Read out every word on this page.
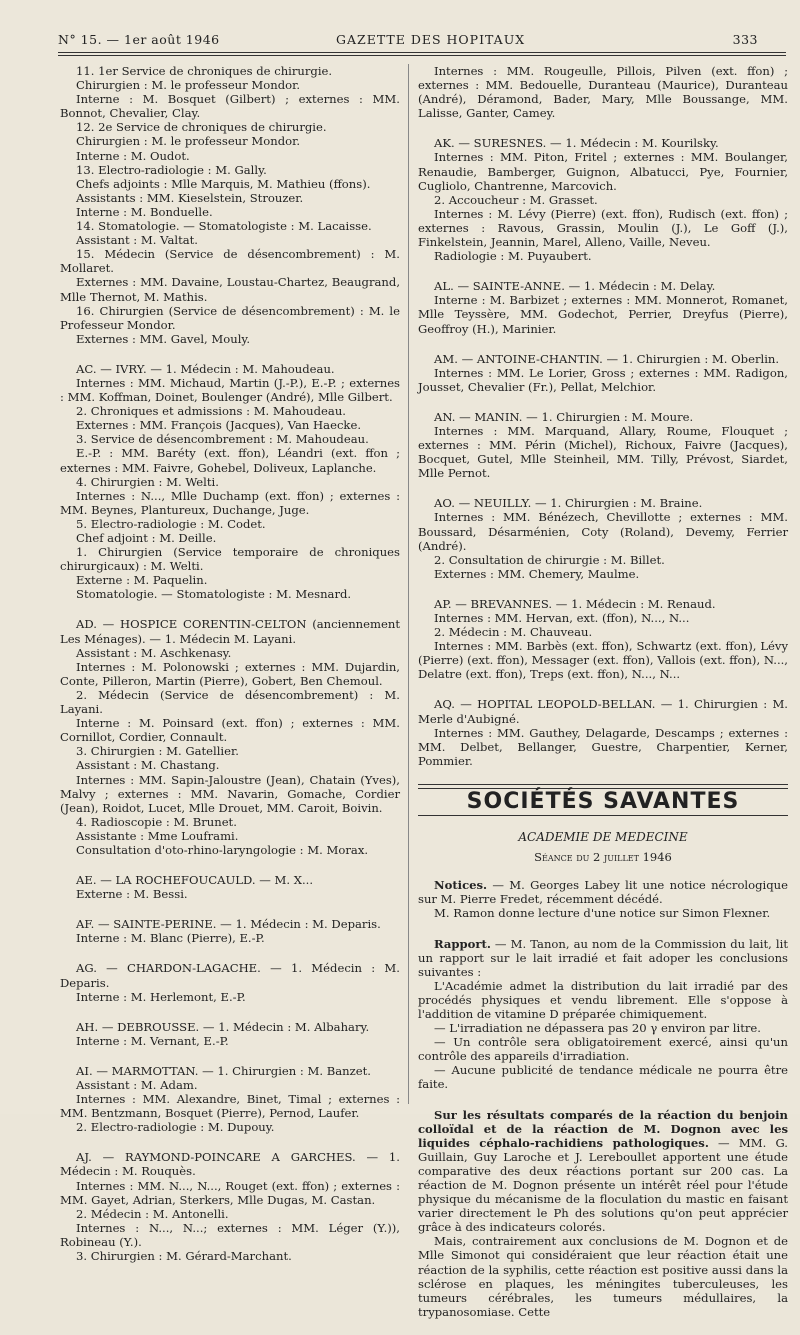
N° 15. — 1er août 1946	GAZETTE DES HOPITAUX	333

11. 1er Service de chroniques de chirurgie.

Chirurgien : M. le professeur Mondor.

Interne : M. Bosquet (Gilbert) ; externes : MM. Bonnot, Chevalier, Clay.

12. 2e Service de chroniques de chirurgie.

Chirurgien : M. le professeur Mondor.

Interne : M. Oudot.

13. Electro-radiologie : M. Gally.

Chefs adjoints : Mlle Marquis, M. Mathieu (ffons).

Assistants : MM. Kieselstein, Strouzer.

Interne : M. Bonduelle.

14. Stomatologie. — Stomatologiste : M. Lacaisse.

Assistant : M. Valtat.

15. Médecin (Service de désencombrement) : M. Mollaret.

Externes : MM. Davaine, Loustau-Chartez, Beaugrand, Mlle Thernot, M. Mathis.

16. Chirurgien (Service de désencombrement) : M. le Professeur Mondor.

Externes : MM. Gavel, Mouly.

AC. — IVRY. — 1. Médecin : M. Mahoudeau.

Internes : MM. Michaud, Martin (J.-P.), E.-P. ; externes : MM. Koffman, Doinet, Boulenger (André), Mlle Gilbert.

2. Chroniques et admissions : M. Mahoudeau.

Externes : MM. François (Jacques), Van Haecke.

3. Service de désencombrement : M. Mahoudeau.

E.-P. : MM. Baréty (ext. ffon), Léandri (ext. ffon ; externes : MM. Faivre, Gohebel, Doliveux, Laplanche.

4. Chirurgien : M. Welti.

Internes : N..., Mlle Duchamp (ext. ffon) ; externes : MM. Beynes, Plantureux, Duchange, Juge.

5. Electro-radiologie : M. Codet.

Chef adjoint : M. Deille.

1. Chirurgien (Service temporaire de chroniques chirurgicaux) : M. Welti.

Externe : M. Paquelin.

Stomatologie. — Stomatologiste : M. Mesnard.

AD. — HOSPICE CORENTIN-CELTON (anciennement Les Ménages). — 1. Médecin M. Layani.

Assistant : M. Aschkenasy.

Internes : M. Polonowski ; externes : MM. Dujardin, Conte, Pilleron, Martin (Pierre), Gobert, Ben Chemoul.

2. Médecin (Service de désencombrement) : M. Layani.

Interne : M. Poinsard (ext. ffon) ; externes : MM. Cornillot, Cordier, Connault.

3. Chirurgien : M. Gatellier.

Assistant : M. Chastang.

Internes : MM. Sapin-Jaloustre (Jean), Chatain (Yves), Malvy ; externes : MM. Navarin, Gomache, Cordier (Jean), Roidot, Lucet, Mlle Drouet, MM. Caroit, Boivin.

4. Radioscopie : M. Brunet.

Assistante : Mme Louframi.

Consultation d'oto-rhino-laryngologie : M. Morax.

AE. — LA ROCHEFOUCAULD. — M. X...

Externe : M. Bessi.

AF. — SAINTE-PERINE. — 1. Médecin : M. Deparis.

Interne : M. Blanc (Pierre), E.-P.

AG. — CHARDON-LAGACHE. — 1. Médecin : M. Deparis.

Interne : M. Herlemont, E.-P.

AH. — DEBROUSSE. — 1. Médecin : M. Albahary.

Interne : M. Vernant, E.-P.

AI. — MARMOTTAN. — 1. Chirurgien : M. Banzet.

Assistant : M. Adam.

Internes : MM. Alexandre, Binet, Timal ; externes : MM. Bentzmann, Bosquet (Pierre), Pernod, Laufer.

2. Electro-radiologie : M. Dupouy.

AJ. — RAYMOND-POINCARE A GARCHES. — 1. Médecin : M. Rouquès.

Internes : MM. N..., N..., Rouget (ext. ffon) ; externes : MM. Gayet, Adrian, Sterkers, Mlle Dugas, M. Castan.

2. Médecin : M. Antonelli.

Internes : N..., N...; externes : MM. Léger (Y.)), Robineau (Y.).

3. Chirurgien : M. Gérard-Marchant.

Internes : MM. Rougeulle, Pillois, Pilven (ext. ffon) ; externes : MM. Bedouelle, Duranteau (Maurice), Duranteau (André), Déramond, Bader, Mary, Mlle Boussange, MM. Lalisse, Ganter, Camey.

AK. — SURESNES. — 1. Médecin : M. Kourilsky.

Internes : MM. Piton, Fritel ; externes : MM. Boulanger, Renaudie, Bamberger, Guignon, Albatucci, Pye, Fournier, Cugliolo, Chantrenne, Marcovich.

2. Accoucheur : M. Grasset.

Internes : M. Lévy (Pierre) (ext. ffon), Rudisch (ext. ffon) ; externes : Ravous, Grassin, Moulin (J.), Le Goff (J.), Finkelstein, Jeannin, Marel, Alleno, Vaille, Neveu.

Radiologie : M. Puyaubert.

AL. — SAINTE-ANNE. — 1. Médecin : M. Delay.

Interne : M. Barbizet ; externes : MM. Monnerot, Romanet, Mlle Teyssère, MM. Godechot, Perrier, Dreyfus (Pierre), Geoffroy (H.), Marinier.

AM. — ANTOINE-CHANTIN. — 1. Chirurgien : M. Oberlin.

Internes : MM. Le Lorier, Gross ; externes : MM. Radigon, Jousset, Chevalier (Fr.), Pellat, Melchior.

AN. — MANIN. — 1. Chirurgien : M. Moure.

Internes : MM. Marquand, Allary, Roume, Flouquet ; externes : MM. Périn (Michel), Richoux, Faivre (Jacques), Bocquet, Gutel, Mlle Steinheil, MM. Tilly, Prévost, Siardet, Mlle Pernot.

AO. — NEUILLY. — 1. Chirurgien : M. Braine.

Internes : MM. Bénézech, Chevillotte ; externes : MM. Boussard, Désarménien, Coty (Roland), Devemy, Ferrier (André).

2. Consultation de chirurgie : M. Billet.

Externes : MM. Chemery, Maulme.

AP. — BREVANNES. — 1. Médecin : M. Renaud.

Internes : MM. Hervan, ext. (ffon), N..., N...

2. Médecin : M. Chauveau.

Internes : MM. Barbès (ext. ffon), Schwartz (ext. ffon), Lévy (Pierre) (ext. ffon), Messager (ext. ffon), Vallois (ext. ffon), N..., Delatre (ext. ffon), Treps (ext. ffon), N..., N...

AQ. — HOPITAL LEOPOLD-BELLAN. — 1. Chirurgien : M. Merle d'Aubigné.

Internes : MM. Gauthey, Delagarde, Descamps ; externes : MM. Delbet, Bellanger, Guestre, Charpentier, Kerner, Pommier.

SOCIÉTÉS SAVANTES
ACADEMIE DE MEDECINE
Séance du 2 juillet 1946

Notices. — M. Georges Labey lit une notice nécrologique sur M. Pierre Fredet, récemment décédé.

M. Ramon donne lecture d'une notice sur Simon Flexner.

Rapport. — M. Tanon, au nom de la Commission du lait, lit un rapport sur le lait irradié et fait adoper les conclusions suivantes :

L'Académie admet la distribution du lait irradié par des procédés physiques et vendu librement. Elle s'oppose à l'addition de vitamine D préparée chimiquement.

— L'irradiation ne dépassera pas 20 γ environ par litre.

— Un contrôle sera obligatoirement exercé, ainsi qu'un contrôle des appareils d'irradiation.

— Aucune publicité de tendance médicale ne pourra être faite.

Sur les résultats comparés de la réaction du benjoin colloïdal et de la réaction de M. Dognon avec les liquides céphalo-rachidiens pathologiques. — MM. G. Guillain, Guy Laroche et J. Lereboullet apportent une étude comparative des deux réactions portant sur 200 cas. La réaction de M. Dognon présente un intérêt réel pour l'étude physique du mécanisme de la floculation du mastic en faisant varier directement le Ph des solutions qu'on peut apprécier grâce à des indicateurs colorés.

Mais, contrairement aux conclusions de M. Dognon et de Mlle Simonot qui considéraient que leur réaction était une réaction de la syphilis, cette réaction est positive aussi dans la sclérose en plaques, les méningites tuberculeuses, les tumeurs cérébrales, les tumeurs médullaires, la trypanosomiase. Cette
